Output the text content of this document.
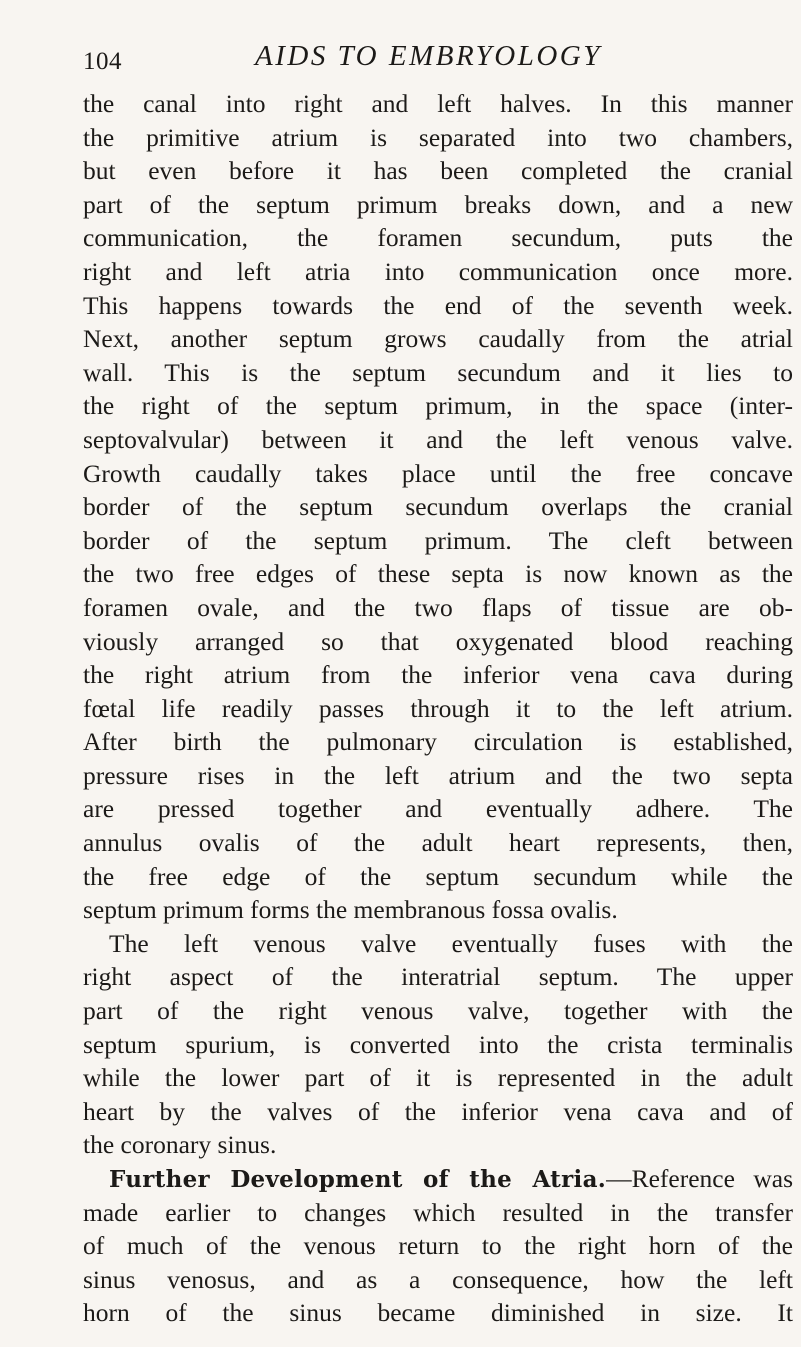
104	AIDS TO EMBRYOLOGY
the canal into right and left halves. In this manner
the primitive atrium is separated into two chambers,
but even before it has been completed the cranial
part of the septum primum breaks down, and a new
communication, the foramen secundum, puts the
right and left atria into communication once more.
This happens towards the end of the seventh week.
Next, another septum grows caudally from the atrial
wall. This is the septum secundum and it lies to
the right of the septum primum, in the space (inter-
septovalvular) between it and the left venous valve.
Growth caudally takes place until the free concave
border of the septum secundum overlaps the cranial
border of the septum primum. The cleft between
the two free edges of these septa is now known as the
foramen ovale, and the two flaps of tissue are ob-
viously arranged so that oxygenated blood reaching
the right atrium from the inferior vena cava during
fœtal life readily passes through it to the left atrium.
After birth the pulmonary circulation is established,
pressure rises in the left atrium and the two septa
are pressed together and eventually adhere. The
annulus ovalis of the adult heart represents, then,
the free edge of the septum secundum while the
septum primum forms the membranous fossa ovalis.
The left venous valve eventually fuses with the
right aspect of the interatrial septum. The upper
part of the right venous valve, together with the
septum spurium, is converted into the crista terminalis
while the lower part of it is represented in the adult
heart by the valves of the inferior vena cava and of
the coronary sinus.
Further Development of the Atria.—Reference was
made earlier to changes which resulted in the transfer
of much of the venous return to the right horn of the
sinus venosus, and as a consequence, how the left
horn of the sinus became diminished in size. It
